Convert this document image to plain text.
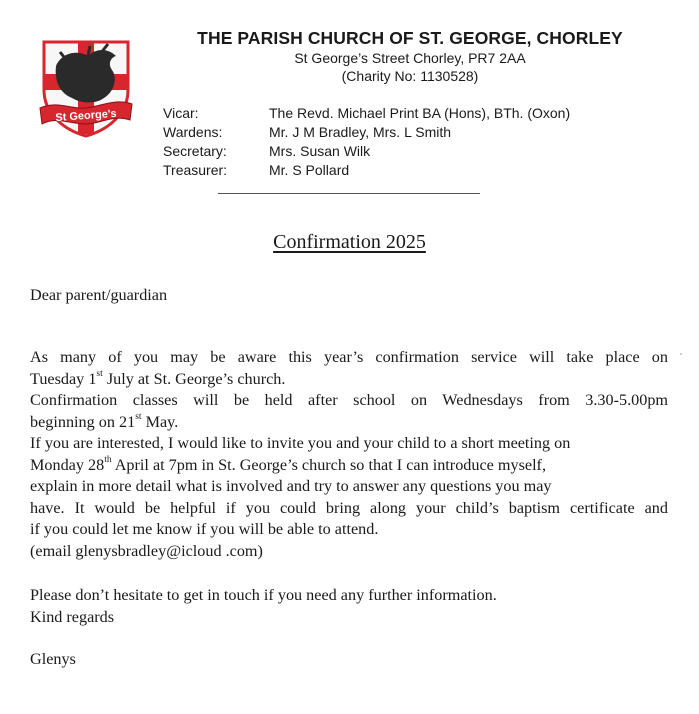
St George's
THE PARISH CHURCH OF ST. GEORGE, CHORLEY
St George’s Street Chorley, PR7 2AA
(Charity No: 1130528)
Vicar:	The Revd. Michael Print BA (Hons), BTh. (Oxon)
Wardens:	Mr. J M Bradley, Mrs. L Smith
Secretary:	Mrs. Susan Wilk
Treasurer:	Mr. S Pollard
Confirmation 2025
Dear parent/guardian
As many of you may be aware this year’s confirmation service will take place on
Tuesday 1st July at St. George’s church.
Confirmation classes will be held after school on Wednesdays from 3.30-5.00pm
beginning on 21st May.
If you are interested, I would like to invite you and your child to a short meeting on
Monday 28th April at 7pm in St. George’s church so that I can introduce myself,
explain in more detail what is involved and try to answer any questions you may
have. It would be helpful if you could bring along your child’s baptism certificate and
if you could let me know if you will be able to attend.
(email glenysbradley@icloud .com)
Please don’t hesitate to get in touch if you need any further information.
Kind regards
Glenys
